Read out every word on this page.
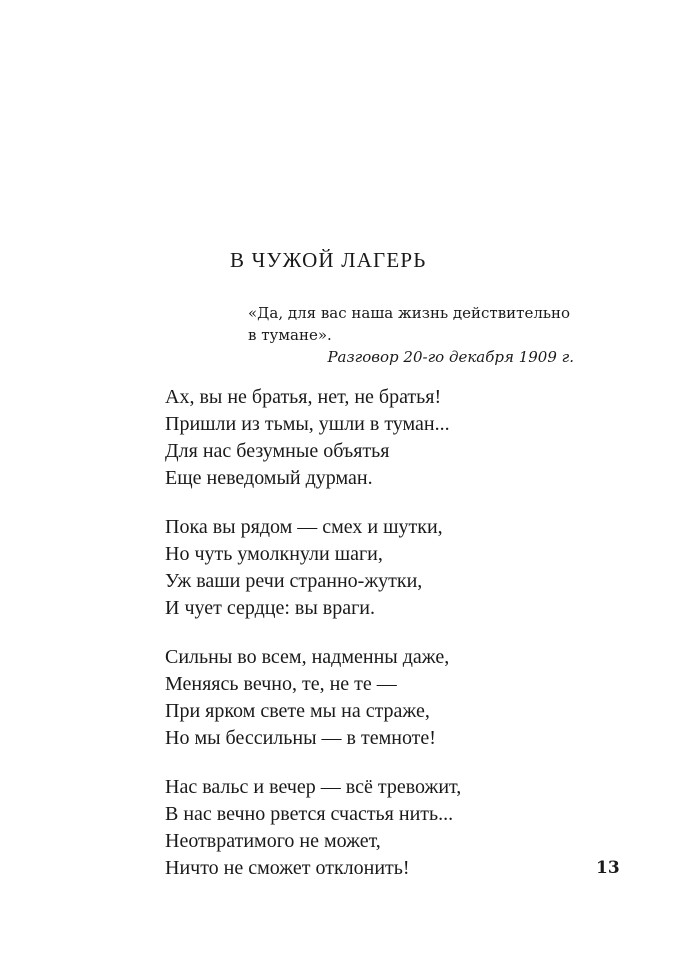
В ЧУЖОЙ ЛАГЕРЬ
«Да, для вас наша жизнь действительно
в тумане».
Разговор 20-го декабря 1909 г.
Ах, вы не братья, нет, не братья!
Пришли из тьмы, ушли в туман...
Для нас безумные объятья
Еще неведомый дурман.
Пока вы рядом — смех и шутки,
Но чуть умолкнули шаги,
Уж ваши речи странно-жутки,
И чует сердце: вы враги.
Сильны во всем, надменны даже,
Меняясь вечно, те, не те —
При ярком свете мы на страже,
Но мы бессильны — в темноте!
Нас вальс и вечер — всё тревожит,
В нас вечно рвется счастья нить...
Неотвратимого не может,
Ничто не сможет отклонить!	13
